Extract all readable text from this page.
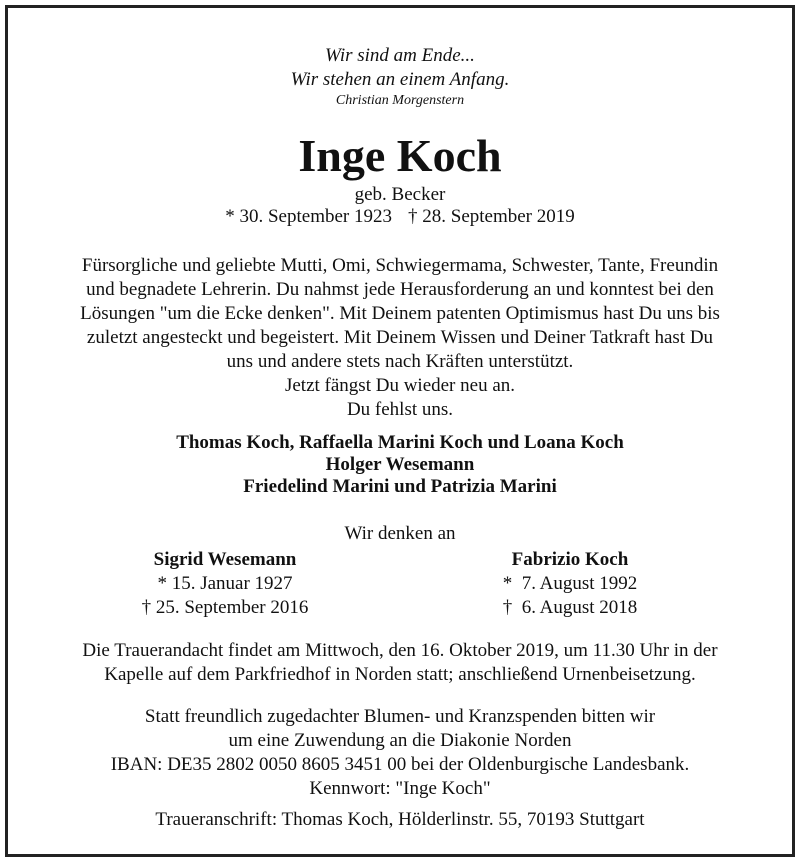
Wir sind am Ende...
Wir stehen an einem Anfang.
Christian Morgenstern
Inge Koch
geb. Becker
* 30. September 1923 † 28. September 2019
Fürsorgliche und geliebte Mutti, Omi, Schwiegermama, Schwester, Tante, Freundin
und begnadete Lehrerin. Du nahmst jede Herausforderung an und konntest bei den
Lösungen "um die Ecke denken". Mit Deinem patenten Optimismus hast Du uns bis
zuletzt angesteckt und begeistert. Mit Deinem Wissen und Deiner Tatkraft hast Du
uns und andere stets nach Kräften unterstützt.
Jetzt fängst Du wieder neu an.
Du fehlst uns.
Thomas Koch, Raffaella Marini Koch und Loana Koch
Holger Wesemann
Friedelind Marini und Patrizia Marini
Wir denken an
Sigrid Wesemann
* 15. Januar 1927
† 25. September 2016
Fabrizio Koch
*  7. August 1992
†  6. August 2018
Die Trauerandacht findet am Mittwoch, den 16. Oktober 2019, um 11.30 Uhr in der
Kapelle auf dem Parkfriedhof in Norden statt; anschließend Urnenbeisetzung.
Statt freundlich zugedachter Blumen- und Kranzspenden bitten wir
um eine Zuwendung an die Diakonie Norden
IBAN: DE35 2802 0050 8605 3451 00 bei der Oldenburgische Landesbank.
Kennwort: "Inge Koch"
Traueranschrift: Thomas Koch, Hölderlinstr. 55, 70193 Stuttgart
